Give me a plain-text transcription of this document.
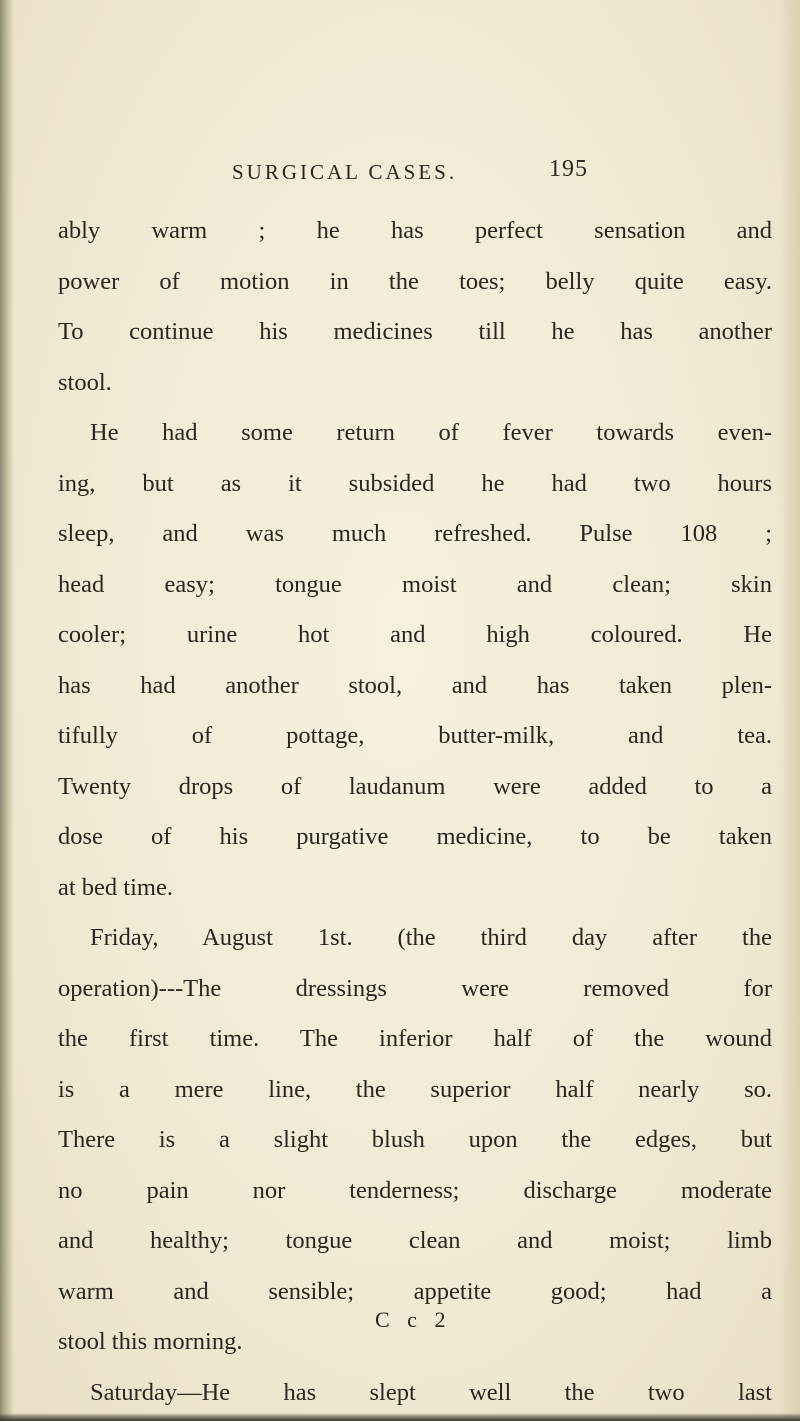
SURGICAL CASES.	195
ably warm ; he has perfect sensation and
power of motion in the toes; belly quite easy.
To continue his medicines till he has another
stool.
He had some return of fever towards even-
ing, but as it subsided he had two hours
sleep, and was much refreshed. Pulse 108 ;
head easy; tongue moist and clean; skin
cooler; urine hot and high coloured. He
has had another stool, and has taken plen-
tifully of pottage, butter-milk, and tea.
Twenty drops of laudanum were added to a
dose of his purgative medicine, to be taken
at bed time.
Friday, August 1st. (the third day after the
operation)---The dressings were removed for
the first time. The inferior half of the wound
is a mere line, the superior half nearly so.
There is a slight blush upon the edges, but
no pain nor tenderness; discharge moderate
and healthy; tongue clean and moist; limb
warm and sensible; appetite good; had a
stool this morning.
Saturday—He has slept well the two last
C c 2
